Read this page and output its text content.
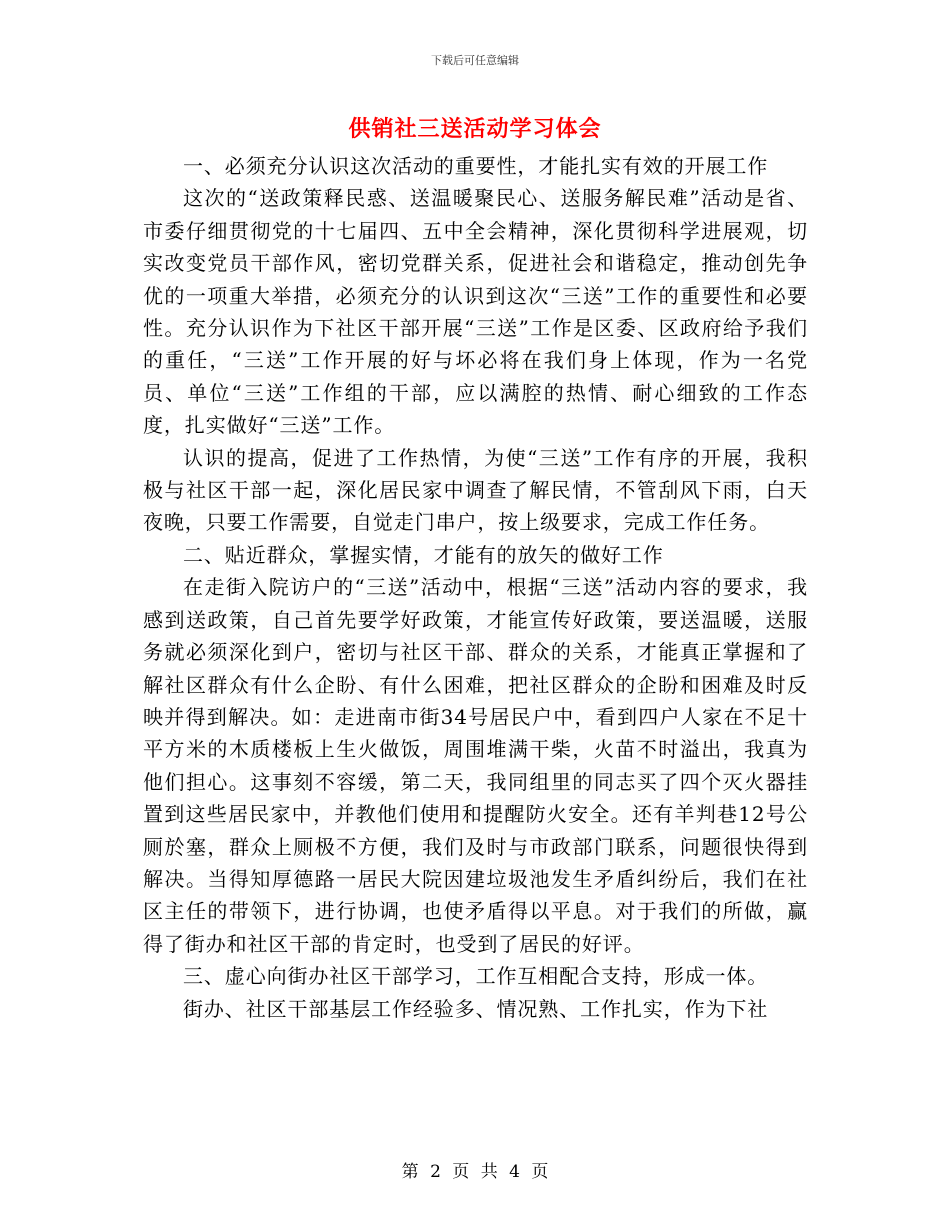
下载后可任意编辑
供销社三送活动学习体会

一、必须充分认识这次活动的重要性，才能扎实有效的开展工作

这次的“送政策释民惑、送温暖聚民心、送服务解民难”活动是省、市委仔细贯彻党的十七届四、五中全会精神，深化贯彻科学进展观，切实改变党员干部作风，密切党群关系，促进社会和谐稳定，推动创先争优的一项重大举措，必须充分的认识到这次“三送”工作的重要性和必要性。充分认识作为下社区干部开展“三送”工作是区委、区政府给予我们的重任，“三送”工作开展的好与坏必将在我们身上体现，作为一名党员、单位“三送”工作组的干部，应以满腔的热情、耐心细致的工作态度，扎实做好“三送”工作。

认识的提高，促进了工作热情，为使“三送”工作有序的开展，我积极与社区干部一起，深化居民家中调查了解民情，不管刮风下雨，白天夜晚，只要工作需要，自觉走门串户，按上级要求，完成工作任务。

二、贴近群众，掌握实情，才能有的放矢的做好工作

在走街入院访户的“三送”活动中，根据“三送”活动内容的要求，我感到送政策，自己首先要学好政策，才能宣传好政策，要送温暖，送服务就必须深化到户，密切与社区干部、群众的关系，才能真正掌握和了解社区群众有什么企盼、有什么困难，把社区群众的企盼和困难及时反映并得到解决。如：走进南市街34号居民户中，看到四户人家在不足十平方米的木质楼板上生火做饭，周围堆满干柴，火苗不时溢出，我真为他们担心。这事刻不容缓，第二天，我同组里的同志买了四个灭火器挂置到这些居民家中，并教他们使用和提醒防火安全。还有羊判巷12号公厕於塞，群众上厕极不方便，我们及时与市政部门联系，问题很快得到解决。当得知厚德路一居民大院因建垃圾池发生矛盾纠纷后，我们在社区主任的带领下，进行协调，也使矛盾得以平息。对于我们的所做，赢得了街办和社区干部的肯定时，也受到了居民的好评。

三、虚心向街办社区干部学习，工作互相配合支持，形成一体。

街办、社区干部基层工作经验多、情况熟、工作扎实，作为下社

第 2 页 共 4 页
